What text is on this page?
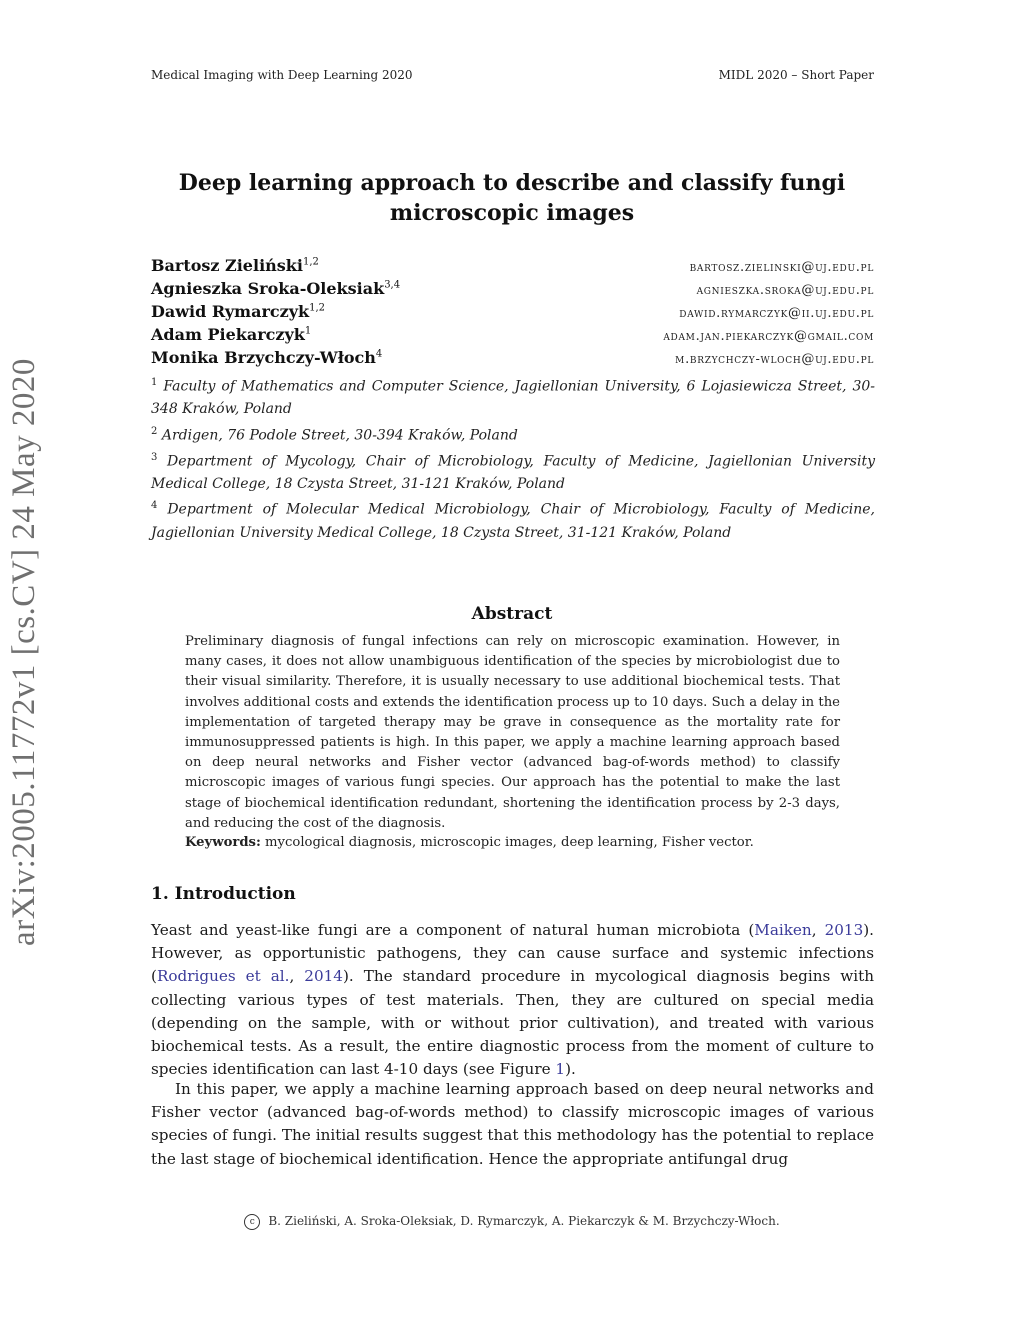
Medical Imaging with Deep Learning 2020	MIDL 2020 – Short Paper
arXiv:2005.11772v1 [cs.CV] 24 May 2020
Deep learning approach to describe and classify fungi
microscopic images
Bartosz Zieliński$^{1,2}$	bartosz.zielinski@uj.edu.pl
Agnieszka Sroka-Oleksiak$^{3,4}$	agnieszka.sroka@uj.edu.pl
Dawid Rymarczyk$^{1,2}$	dawid.rymarczyk@ii.uj.edu.pl
Adam Piekarczyk$^1$	adam.jan.piekarczyk@gmail.com
Monika Brzychczy-Włoch$^4$	m.brzychczy-wloch@uj.edu.pl

$^1$ Faculty of Mathematics and Computer Science, Jagiellonian University, 6 Lojasiewicza Street, 30-348 Kraków, Poland

$^2$ Ardigen, 76 Podole Street, 30-394 Kraków, Poland

$^3$ Department of Mycology, Chair of Microbiology, Faculty of Medicine, Jagiellonian University Medical College, 18 Czysta Street, 31-121 Kraków, Poland

$^4$ Department of Molecular Medical Microbiology, Chair of Microbiology, Faculty of Medicine, Jagiellonian University Medical College, 18 Czysta Street, 31-121 Kraków, Poland

Abstract
Preliminary diagnosis of fungal infections can rely on microscopic examination. However, in many cases, it does not allow unambiguous identification of the species by microbiologist due to their visual similarity. Therefore, it is usually necessary to use additional biochemical tests. That involves additional costs and extends the identification process up to 10 days. Such a delay in the implementation of targeted therapy may be grave in consequence as the mortality rate for immunosuppressed patients is high. In this paper, we apply a machine learning approach based on deep neural networks and Fisher vector (advanced bag-of-words method) to classify microscopic images of various fungi species. Our approach has the potential to make the last stage of biochemical identification redundant, shortening the identification process by 2-3 days, and reducing the cost of the diagnosis.
Keywords: mycological diagnosis, microscopic images, deep learning, Fisher vector.
1. Introduction

Yeast and yeast-like fungi are a component of natural human microbiota (Maiken, 2013). However, as opportunistic pathogens, they can cause surface and systemic infections (Rodrigues et al., 2014). The standard procedure in mycological diagnosis begins with collecting various types of test materials. Then, they are cultured on special media (depending on the sample, with or without prior cultivation), and treated with various biochemical tests. As a result, the entire diagnostic process from the moment of culture to species identification can last 4-10 days (see Figure 1).

In this paper, we apply a machine learning approach based on deep neural networks and Fisher vector (advanced bag-of-words method) to classify microscopic images of various species of fungi. The initial results suggest that this methodology has the potential to replace the last stage of biochemical identification. Hence the appropriate antifungal drug
c B. Zieliński, A. Sroka-Oleksiak, D. Rymarczyk, A. Piekarczyk & M. Brzychczy-Włoch.
